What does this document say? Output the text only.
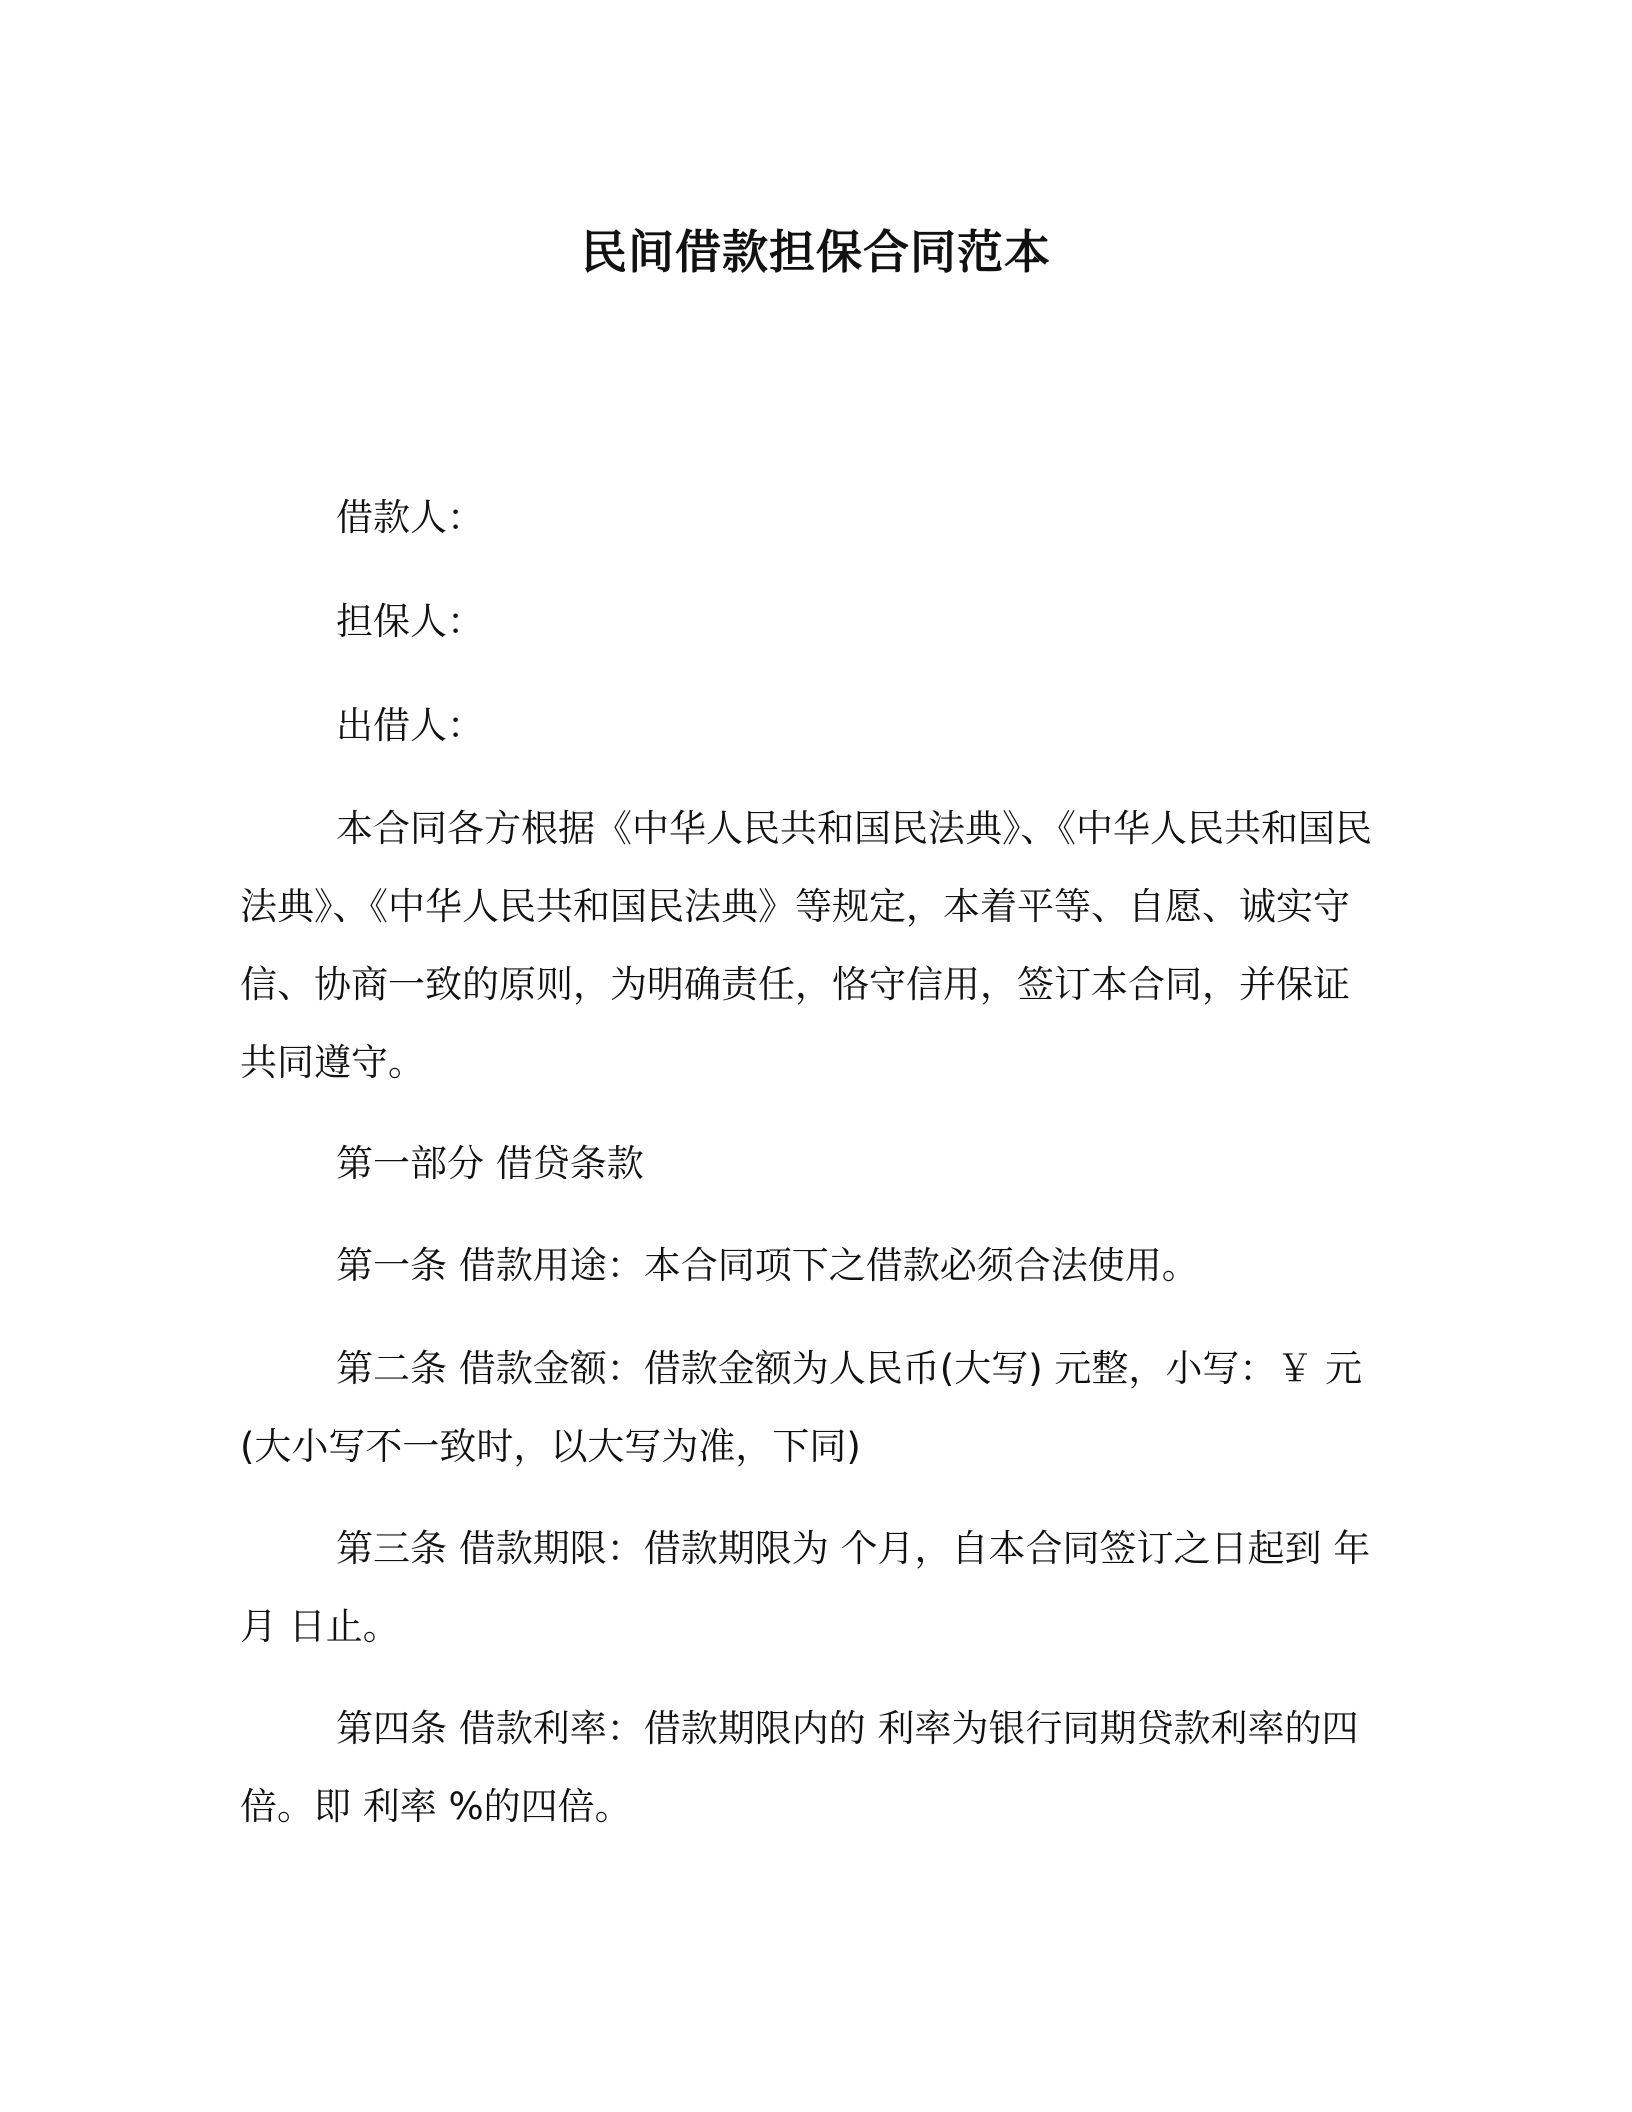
民间借款担保合同范本
借款人：
担保人：
出借人：
本合同各方根据《中华人民共和国民法典》、《中华人民共和国民法典》、《中华人民共和国民法典》等规定，本着平等、自愿、诚实守信、协商一致的原则，为明确责任，恪守信用，签订本合同，并保证共同遵守。
第一部分 借贷条款
第一条 借款用途：本合同项下之借款必须合法使用。
第二条 借款金额：借款金额为人民币(大写) 元整，小写：￥ 元(大小写不一致时，以大写为准，下同)
第三条 借款期限：借款期限为 个月，自本合同签订之日起到 年月 日止。
第四条 借款利率：借款期限内的 利率为银行同期贷款利率的四倍。即 利率 %的四倍。
